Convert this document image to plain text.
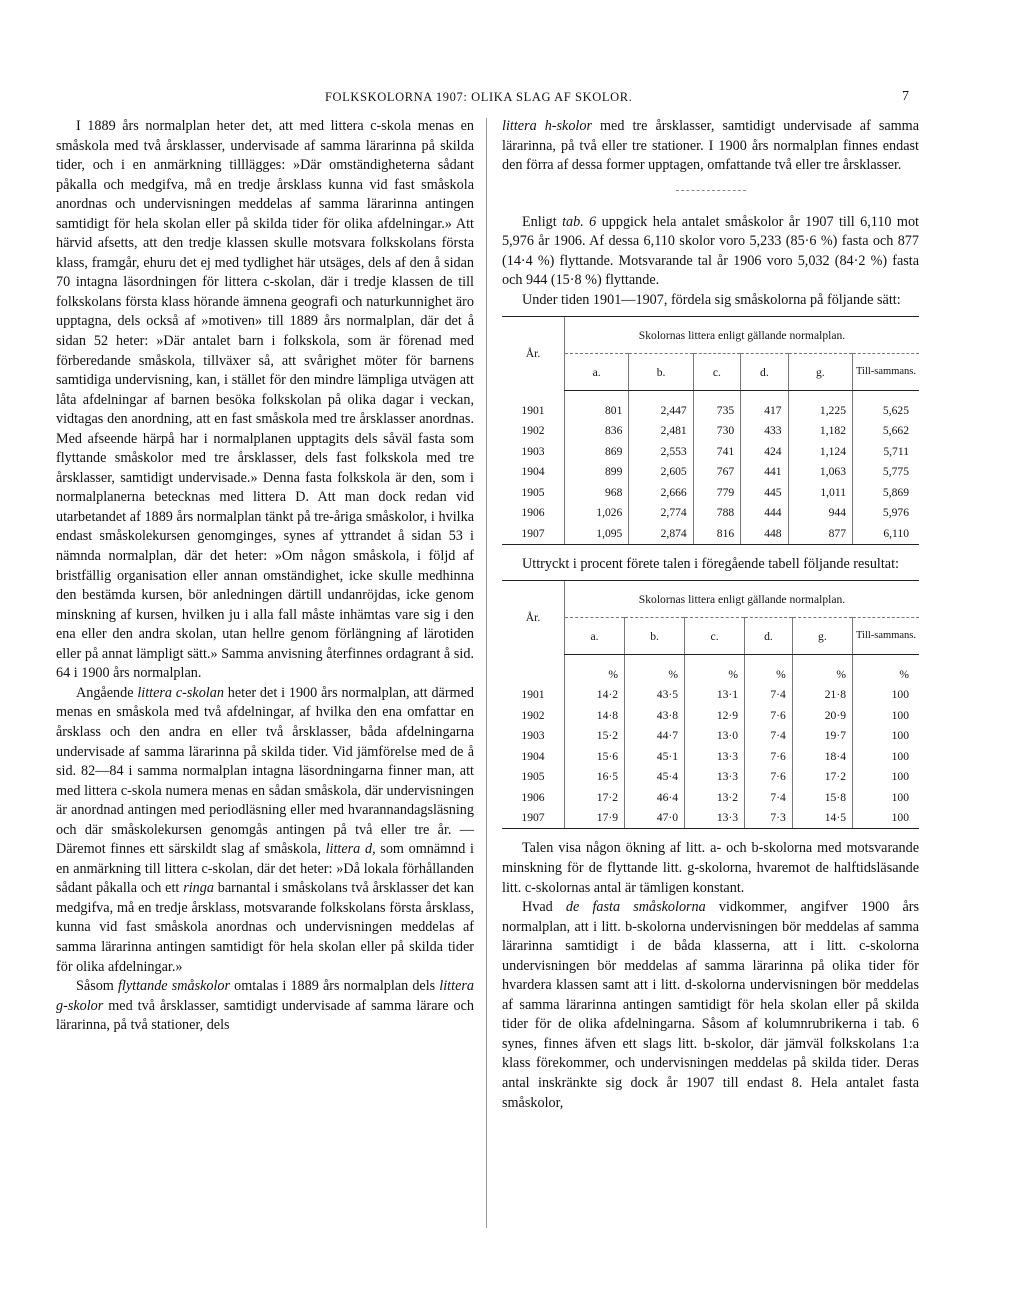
FOLKSKOLORNA 1907: OLIKA SLAG AF SKOLOR.	7

I 1889 års normalplan heter det, att med littera c-skola menas en småskola med två årsklasser, undervisade af samma lärarinna på skilda tider, och i en anmärkning tilllägges: »Där omständigheterna sådant påkalla och medgifva, må en tredje årsklass kunna vid fast småskola anordnas och undervisningen meddelas af samma lärarinna antingen samtidigt för hela skolan eller på skilda tider för olika afdelningar.» Att härvid afsetts, att den tredje klassen skulle motsvara folkskolans första klass, framgår, ehuru det ej med tydlighet här utsäges, dels af den å sidan 70 intagna läsordningen för littera c-skolan, där i tredje klassen de till folkskolans första klass hörande ämnena geografi och naturkunnighet äro upptagna, dels också af »motiven» till 1889 års normalplan, där det å sidan 52 heter: »Där antalet barn i folkskola, som är förenad med förberedande småskola, tillväxer så, att svårighet möter för barnens samtidiga undervisning, kan, i stället för den mindre lämpliga utvägen att låta afdelningar af barnen besöka folkskolan på olika dagar i veckan, vidtagas den anordning, att en fast småskola med tre årsklasser anordnas. Med afseende härpå har i normalplanen upptagits dels såväl fasta som flyttande småskolor med tre årsklasser, dels fast folkskola med tre årsklasser, samtidigt undervisade.» Denna fasta folkskola är den, som i normalplanerna betecknas med littera D. Att man dock redan vid utarbetandet af 1889 års normalplan tänkt på tre-åriga småskolor, i hvilka endast småskolekursen genomginges, synes af yttrandet å sidan 53 i nämnda normalplan, där det heter: »Om någon småskola, i följd af bristfällig organisation eller annan omständighet, icke skulle medhinna den bestämda kursen, bör anledningen därtill undanröjdas, icke genom minskning af kursen, hvilken ju i alla fall måste inhämtas vare sig i den ena eller den andra skolan, utan hellre genom förlängning af lärotiden eller på annat lämpligt sätt.» Samma anvisning återfinnes ordagrant å sid. 64 i 1900 års normalplan.

Angående littera c-skolan heter det i 1900 års normalplan, att därmed menas en småskola med två afdelningar, af hvilka den ena omfattar en årsklass och den andra en eller två årsklasser, båda afdelningarna undervisade af samma lärarinna på skilda tider. Vid jämförelse med de å sid. 82—84 i samma normalplan intagna läsordningarna finner man, att med littera c-skola numera menas en sådan småskola, där undervisningen är anordnad antingen med periodläsning eller med hvarannandagsläsning och där småskolekursen genomgås antingen på två eller tre år. — Däremot finnes ett särskildt slag af småskola, littera d, som omnämnd i en anmärkning till littera c-skolan, där det heter: »Då lokala förhållanden sådant påkalla och ett ringa barnantal i småskolans två årsklasser det kan medgifva, må en tredje årsklass, motsvarande folkskolans första årsklass, kunna vid fast småskola anordnas och undervisningen meddelas af samma lärarinna antingen samtidigt för hela skolan eller på skilda tider för olika afdelningar.»

Såsom flyttande småskolor omtalas i 1889 års normalplan dels littera g-skolor med två årsklasser, samtidigt undervisade af samma lärare och lärarinna, på två stationer, dels

littera h-skolor med tre årsklasser, samtidigt undervisade af samma lärarinna, på två eller tre stationer. I 1900 års normalplan finnes endast den förra af dessa former upptagen, omfattande två eller tre årsklasser.

Enligt tab. 6 uppgick hela antalet småskolor år 1907 till 6,110 mot 5,976 år 1906. Af dessa 6,110 skolor voro 5,233 (85·6 %) fasta och 877 (14·4 %) flyttande. Motsvarande tal år 1906 voro 5,032 (84·2 %) fasta och 944 (15·8 %) flyttande.

Under tiden 1901—1907, fördela sig småskolorna på följande sätt:

År.	Skolornas littera enligt gällande normalplan.					
	a.	b.	c.	d.	g.	Till-sammans.
1901	801	2,447	735	417	1,225	5,625
1902	836	2,481	730	433	1,182	5,662
1903	869	2,553	741	424	1,124	5,711
1904	899	2,605	767	441	1,063	5,775
1905	968	2,666	779	445	1,011	5,869
1906	1,026	2,774	788	444	944	5,976
1907	1,095	2,874	816	448	877	6,110

Uttryckt i procent förete talen i föregående tabell följande resultat:

År.	Skolornas littera enligt gällande normalplan.					
	a.	b.	c.	d.	g.	Till-sammans.
	%	%	%	%	%	%
1901	14·2	43·5	13·1	7·4	21·8	100
1902	14·8	43·8	12·9	7·6	20·9	100
1903	15·2	44·7	13·0	7·4	19·7	100
1904	15·6	45·1	13·3	7·6	18·4	100
1905	16·5	45·4	13·3	7·6	17·2	100
1906	17·2	46·4	13·2	7·4	15·8	100
1907	17·9	47·0	13·3	7·3	14·5	100

Talen visa någon ökning af litt. a- och b-skolorna med motsvarande minskning för de flyttande litt. g-skolorna, hvaremot de halftidsläsande litt. c-skolornas antal är tämligen konstant.

Hvad de fasta småskolorna vidkommer, angifver 1900 års normalplan, att i litt. b-skolorna undervisningen bör meddelas af samma lärarinna samtidigt i de båda klasserna, att i litt. c-skolorna undervisningen bör meddelas af samma lärarinna på olika tider för hvardera klassen samt att i litt. d-skolorna undervisningen bör meddelas af samma lärarinna antingen samtidigt för hela skolan eller på skilda tider för de olika afdelningarna. Såsom af kolumnrubrikerna i tab. 6 synes, finnes äfven ett slags litt. b-skolor, där jämväl folkskolans 1:a klass förekommer, och undervisningen meddelas på skilda tider. Deras antal inskränkte sig dock år 1907 till endast 8. Hela antalet fasta småskolor,
